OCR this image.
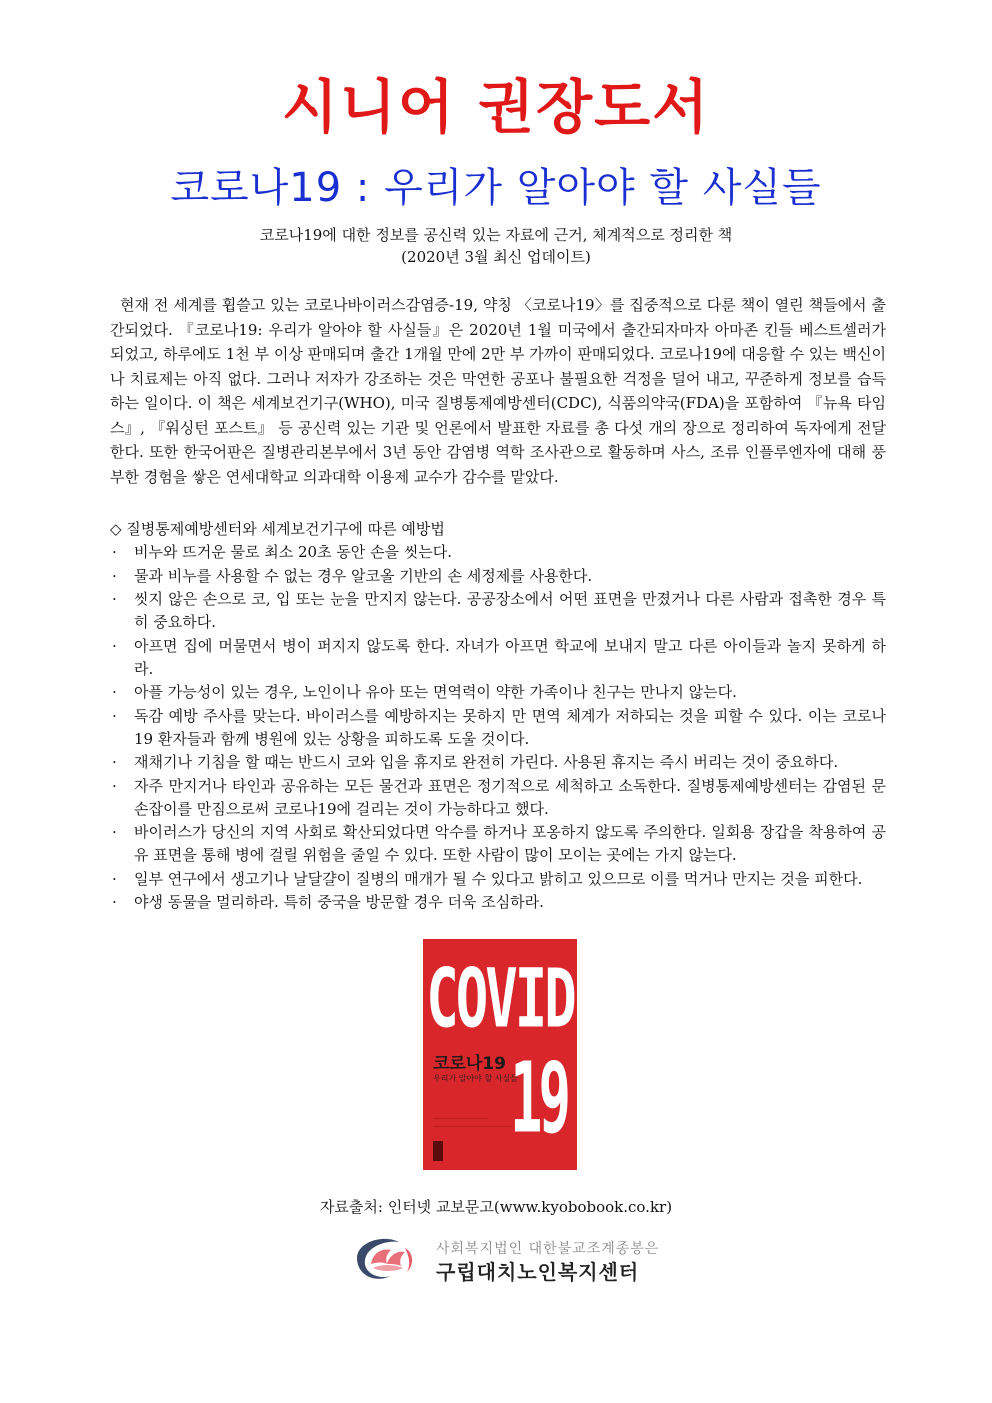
시니어 권장도서
코로나19 : 우리가 알아야 할 사실들
코로나19에 대한 정보를 공신력 있는 자료에 근거, 체계적으로 정리한 책
(2020년 3월 최신 업데이트)
현재 전 세계를 휩쓸고 있는 코로나바이러스감염증-19, 약칭 〈코로나19〉를 집중적으로 다룬 책이 열린 책들에서 출간되었다. 『코로나19: 우리가 알아야 할 사실들』은 2020년 1월 미국에서 출간되자마자 아마존 킨들 베스트셀러가 되었고, 하루에도 1천 부 이상 판매되며 출간 1개월 만에 2만 부 가까이 판매되었다. 코로나19에 대응할 수 있는 백신이나 치료제는 아직 없다. 그러나 저자가 강조하는 것은 막연한 공포나 불필요한 걱정을 덜어 내고, 꾸준하게 정보를 습득하는 일이다. 이 책은 세계보건기구(WHO), 미국 질병통제예방센터(CDC), 식품의약국(FDA)을 포함하여 『뉴욕 타임스』, 『워싱턴 포스트』 등 공신력 있는 기관 및 언론에서 발표한 자료를 총 다섯 개의 장으로 정리하여 독자에게 전달한다. 또한 한국어판은 질병관리본부에서 3년 동안 감염병 역학 조사관으로 활동하며 사스, 조류 인플루엔자에 대해 풍부한 경험을 쌓은 연세대학교 의과대학 이용제 교수가 감수를 맡았다.
◇ 질병통제예방센터와 세계보건기구에 따른 예방법
· 비누와 뜨거운 물로 최소 20초 동안 손을 씻는다.
· 물과 비누를 사용할 수 없는 경우 알코올 기반의 손 세정제를 사용한다.
· 씻지 않은 손으로 코, 입 또는 눈을 만지지 않는다. 공공장소에서 어떤 표면을 만졌거나 다른 사람과 접촉한 경우 특히 중요하다.
· 아프면 집에 머물면서 병이 퍼지지 않도록 한다. 자녀가 아프면 학교에 보내지 말고 다른 아이들과 놀지 못하게 하라.
· 아플 가능성이 있는 경우, 노인이나 유아 또는 면역력이 약한 가족이나 친구는 만나지 않는다.
· 독감 예방 주사를 맞는다. 바이러스를 예방하지는 못하지 만 면역 체계가 저하되는 것을 피할 수 있다. 이는 코로나19 환자들과 함께 병원에 있는 상황을 피하도록 도울 것이다.
· 재채기나 기침을 할 때는 반드시 코와 입을 휴지로 완전히 가린다. 사용된 휴지는 즉시 버리는 것이 중요하다.
· 자주 만지거나 타인과 공유하는 모든 물건과 표면은 정기적으로 세척하고 소독한다. 질병통제예방센터는 감염된 문손잡이를 만짐으로써 코로나19에 걸리는 것이 가능하다고 했다.
· 바이러스가 당신의 지역 사회로 확산되었다면 악수를 하거나 포옹하지 않도록 주의한다. 일회용 장갑을 착용하여 공유 표면을 통해 병에 걸릴 위험을 줄일 수 있다. 또한 사람이 많이 모이는 곳에는 가지 않는다.
· 일부 연구에서 생고기나 날달걀이 질병의 매개가 될 수 있다고 밝히고 있으므로 이를 먹거나 만지는 것을 피한다.
· 야생 동물을 멀리하라. 특히 중국을 방문할 경우 더욱 조심하라.
COVID
코로나19
우리가 알아야 할 사실들
19
———————————
————————————————
자료출처: 인터넷 교보문고(www.kyobobook.co.kr)
사회복지법인 대한불교조계종봉은
구립대치노인복지센터
